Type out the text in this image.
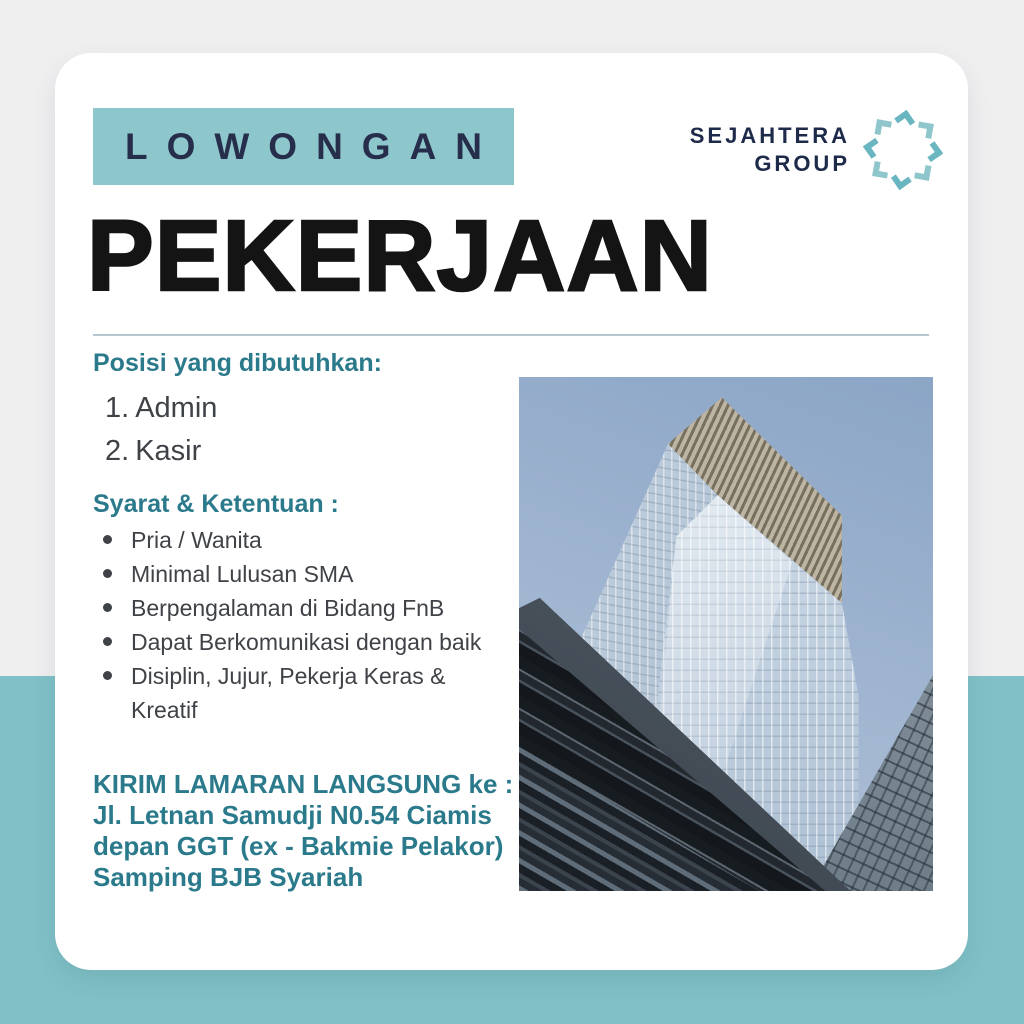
LOWONGAN	SEJAHTERA
GROUP
PEKERJAAN
Posisi yang dibutuhkan:
1. Admin
2. Kasir
Syarat & Ketentuan :
Pria / Wanita
Minimal Lulusan SMA
Berpengalaman di Bidang FnB
Dapat Berkomunikasi dengan baik
Disiplin, Jujur, Pekerja Keras & Kreatif
KIRIM LAMARAN LANGSUNG ke :
Jl. Letnan Samudji N0.54 Ciamis
depan GGT (ex - Bakmie Pelakor)
Samping BJB Syariah
